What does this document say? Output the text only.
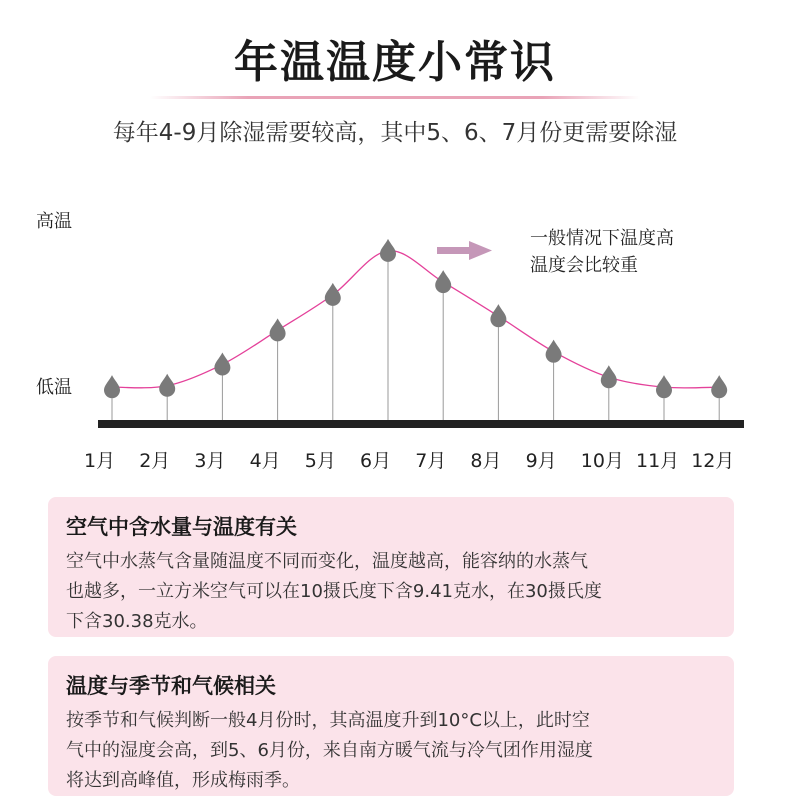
年温温度小常识
每年4-9月除湿需要较高，其中5、6、7月份更需要除湿
1月 2月 3月 4月 5月 6月 7月 8月 9月 10月 11月 12月
高温
低温
一般情况下温度高
温度会比较重
空气中含水量与温度有关
空气中水蒸气含量随温度不同而变化，温度越高，能容纳的水蒸气
也越多，一立方米空气可以在10摄氏度下含9.41克水，在30摄氏度
下含30.38克水。
温度与季节和气候相关
按季节和气候判断一般4月份时，其高温度升到10°C以上，此时空
气中的湿度会高，到5、6月份，来自南方暖气流与冷气团作用湿度
将达到高峰值，形成梅雨季。
